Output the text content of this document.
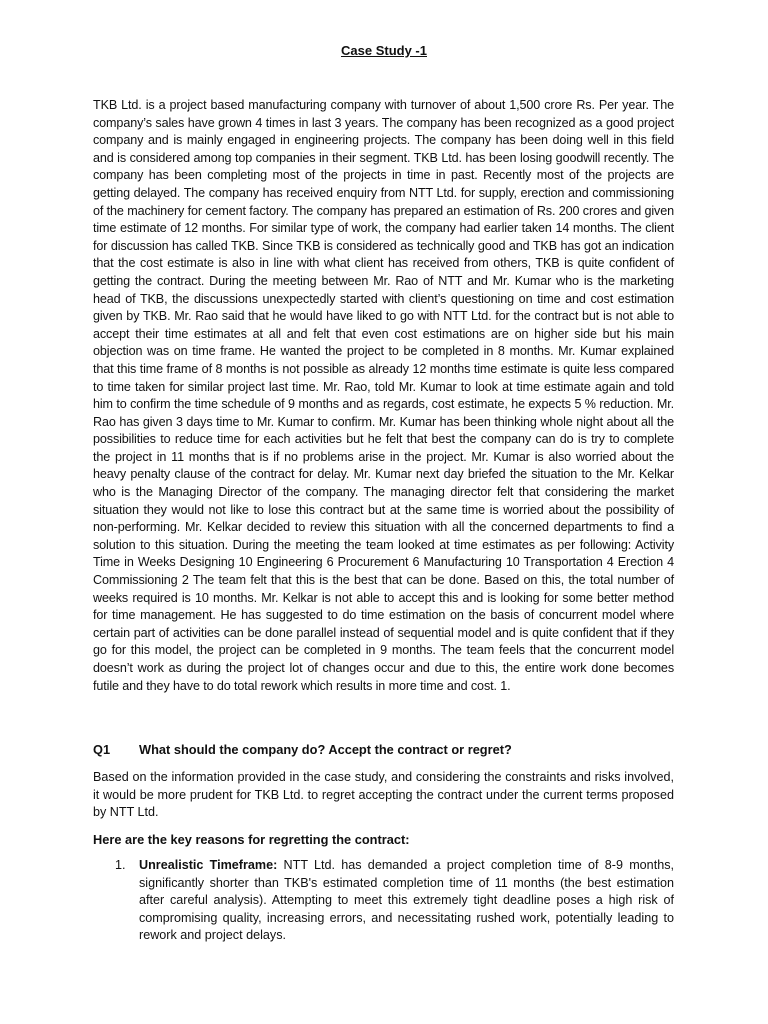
Case Study -1

TKB Ltd. is a project based manufacturing company with turnover of about 1,500 crore Rs. Per year. The company’s sales have grown 4 times in last 3 years. The company has been recognized as a good project company and is mainly engaged in engineering projects. The company has been doing well in this field and is considered among top companies in their segment. TKB Ltd. has been losing goodwill recently. The company has been completing most of the projects in time in past. Recently most of the projects are getting delayed. The company has received enquiry from NTT Ltd. for supply, erection and commissioning of the machinery for cement factory. The company has prepared an estimation of Rs. 200 crores and given time estimate of 12 months. For similar type of work, the company had earlier taken 14 months. The client for discussion has called TKB. Since TKB is considered as technically good and TKB has got an indication that the cost estimate is also in line with what client has received from others, TKB is quite confident of getting the contract. During the meeting between Mr. Rao of NTT and Mr. Kumar who is the marketing head of TKB, the discussions unexpectedly started with client’s questioning on time and cost estimation given by TKB. Mr. Rao said that he would have liked to go with NTT Ltd. for the contract but is not able to accept their time estimates at all and felt that even cost estimations are on higher side but his main objection was on time frame. He wanted the project to be completed in 8 months. Mr. Kumar explained that this time frame of 8 months is not possible as already 12 months time estimate is quite less compared to time taken for similar project last time. Mr. Rao, told Mr. Kumar to look at time estimate again and told him to confirm the time schedule of 9 months and as regards, cost estimate, he expects 5 % reduction. Mr. Rao has given 3 days time to Mr. Kumar to confirm. Mr. Kumar has been thinking whole night about all the possibilities to reduce time for each activities but he felt that best the company can do is try to complete the project in 11 months that is if no problems arise in the project. Mr. Kumar is also worried about the heavy penalty clause of the contract for delay. Mr. Kumar next day briefed the situation to the Mr. Kelkar who is the Managing Director of the company. The managing director felt that considering the market situation they would not like to lose this contract but at the same time is worried about the possibility of non-performing. Mr. Kelkar decided to review this situation with all the concerned departments to find a solution to this situation. During the meeting the team looked at time estimates as per following: Activity Time in Weeks Designing 10 Engineering 6 Procurement 6 Manufacturing 10 Transportation 4 Erection 4 Commissioning 2 The team felt that this is the best that can be done. Based on this, the total number of weeks required is 10 months. Mr. Kelkar is not able to accept this and is looking for some better method for time management. He has suggested to do time estimation on the basis of concurrent model where certain part of activities can be done parallel instead of sequential model and is quite confident that if they go for this model, the project can be completed in 9 months. The team feels that the concurrent model doesn’t work as during the project lot of changes occur and due to this, the entire work done becomes futile and they have to do total rework which results in more time and cost. 1.

Q1 What should the company do? Accept the contract or regret?

Based on the information provided in the case study, and considering the constraints and risks involved, it would be more prudent for TKB Ltd. to regret accepting the contract under the current terms proposed by NTT Ltd.

Here are the key reasons for regretting the contract:
1. Unrealistic Timeframe: NTT Ltd. has demanded a project completion time of 8-9 months, significantly shorter than TKB's estimated completion time of 11 months (the best estimation after careful analysis). Attempting to meet this extremely tight deadline poses a high risk of compromising quality, increasing errors, and necessitating rushed work, potentially leading to rework and project delays.
